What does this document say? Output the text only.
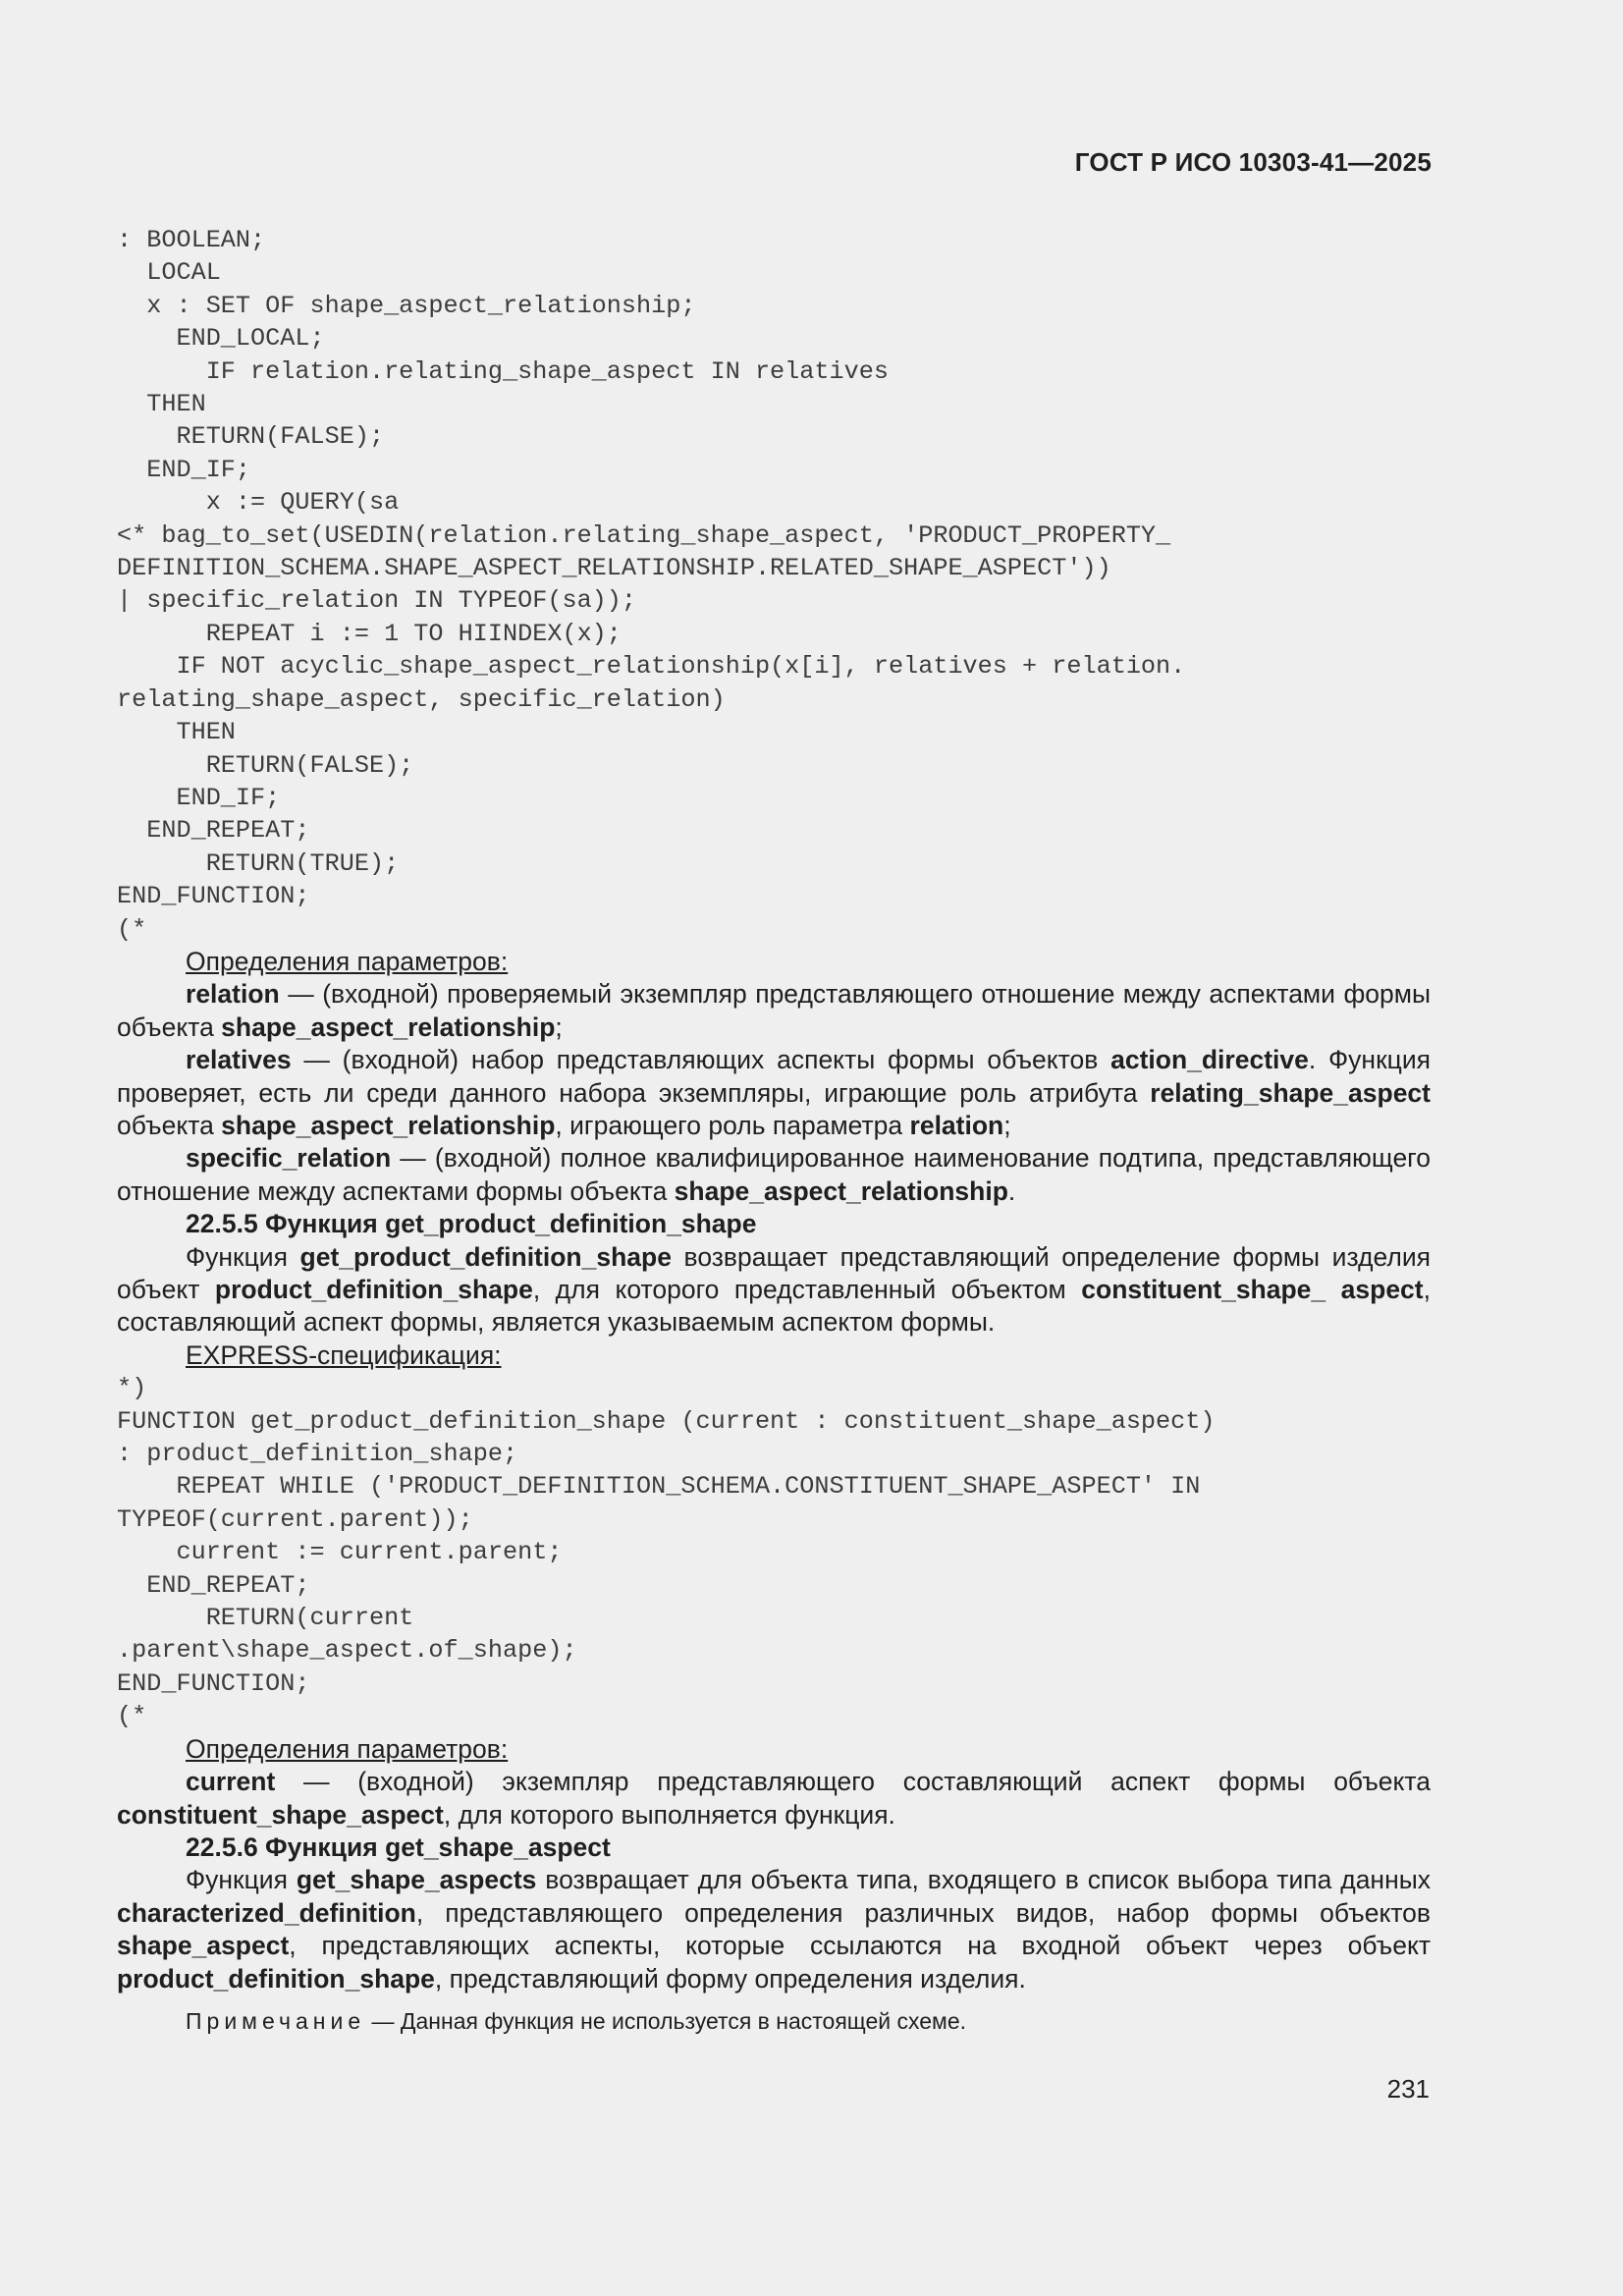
ГОСТ Р ИСО 10303-41—2025
: BOOLEAN;
LOCAL
x : SET OF shape_aspect_relationship;
END_LOCAL;
IF relation.relating_shape_aspect IN relatives
THEN
RETURN(FALSE);
END_IF;
x := QUERY(sa
<* bag_to_set(USEDIN(relation.relating_shape_aspect, 'PRODUCT_PROPERTY_
DEFINITION_SCHEMA.SHAPE_ASPECT_RELATIONSHIP.RELATED_SHAPE_ASPECT'))
| specific_relation IN TYPEOF(sa));
REPEAT i := 1 TO HIINDEX(x);
IF NOT acyclic_shape_aspect_relationship(x[i], relatives + relation.
relating_shape_aspect, specific_relation)
THEN
RETURN(FALSE);
END_IF;
END_REPEAT;
RETURN(TRUE);
END_FUNCTION;
(*

Определения параметров:

relation — (входной) проверяемый экземпляр представляющего отношение между аспектами формы объекта shape_aspect_relationship;

relatives — (входной) набор представляющих аспекты формы объектов action_directive. Функция проверяет, есть ли среди данного набора экземпляры, играющие роль атрибута relating_shape_aspect объекта shape_aspect_relationship, играющего роль параметра relation;

specific_relation — (входной) полное квалифицированное наименование подтипа, представляющего отношение между аспектами формы объекта shape_aspect_relationship.

22.5.5 Функция get_product_definition_shape

Функция get_product_definition_shape возвращает представляющий определение формы изделия объект product_definition_shape, для которого представленный объектом constituent_shape_ aspect, составляющий аспект формы, является указываемым аспектом формы.

EXPRESS-спецификация:

*)
FUNCTION get_product_definition_shape (current : constituent_shape_aspect)
: product_definition_shape;
REPEAT WHILE ('PRODUCT_DEFINITION_SCHEMA.CONSTITUENT_SHAPE_ASPECT' IN
TYPEOF(current.parent));
current := current.parent;
END_REPEAT;
RETURN(current
.parent\shape_aspect.of_shape);
END_FUNCTION;
(*

Определения параметров:

current — (входной) экземпляр представляющего составляющий аспект формы объекта constituent_shape_aspect, для которого выполняется функция.

22.5.6 Функция get_shape_aspect

Функция get_shape_aspects возвращает для объекта типа, входящего в список выбора типа данных characterized_definition, представляющего определения различных видов, набор формы объектов shape_aspect, представляющих аспекты, которые ссылаются на входной объект через объект product_definition_shape, представляющий форму определения изделия.

Примечание — Данная функция не используется в настоящей схеме.

231
